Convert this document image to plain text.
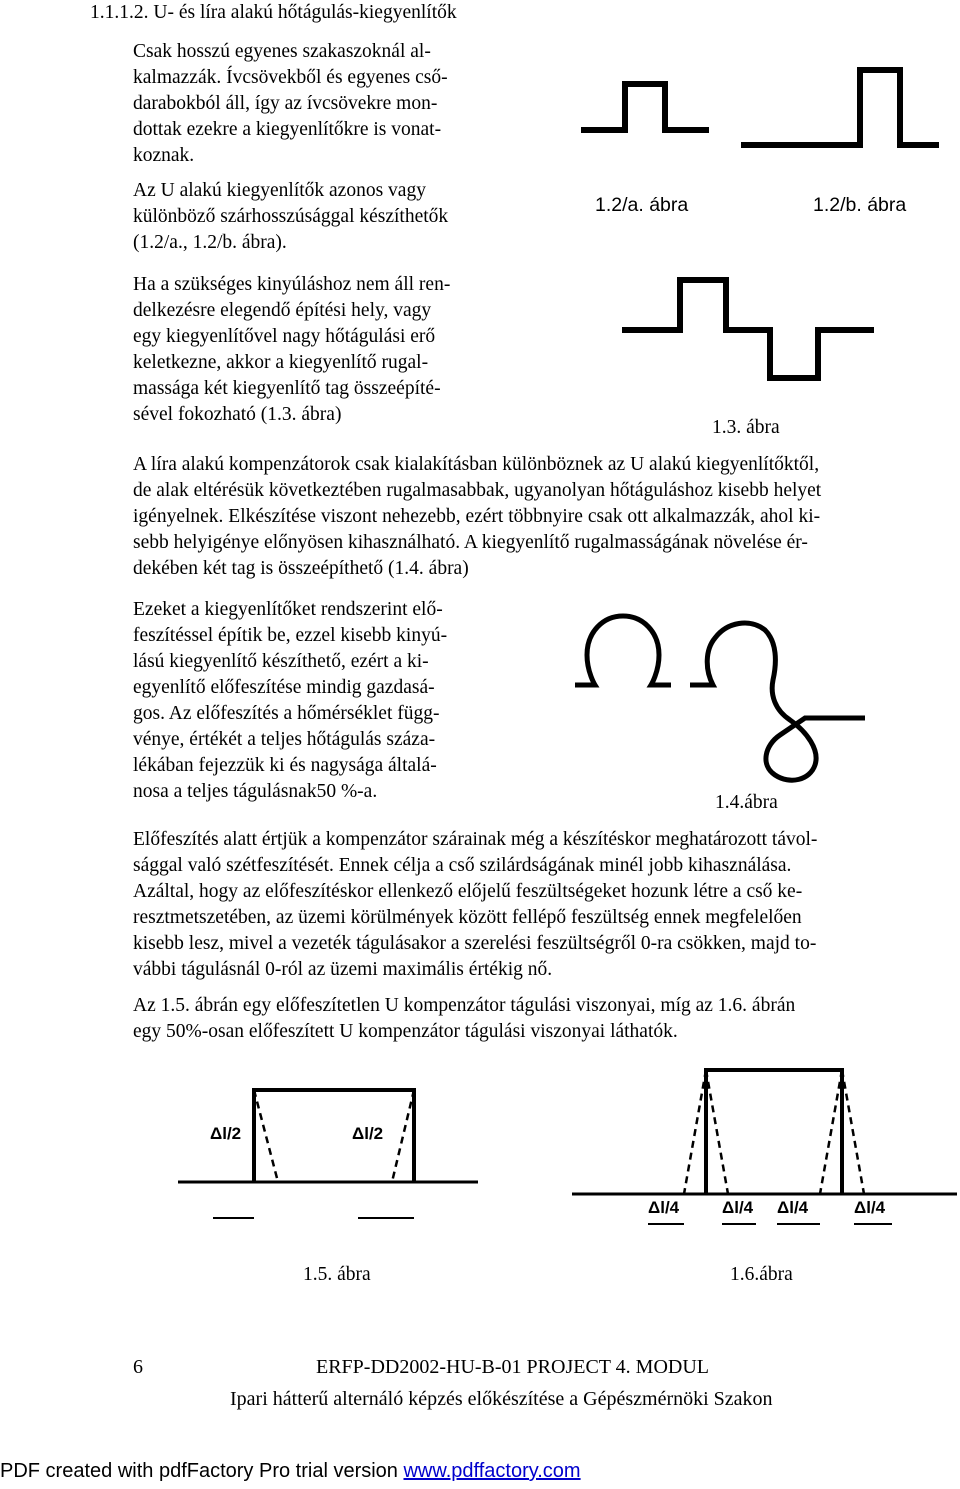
1.1.1.2. U- és líra alakú hőtágulás-kiegyenlítők

Csak hosszú egyenes szakaszoknál al-

kalmazzák. Ívcsövekből és egyenes cső-

darabokból áll, így az ívcsövekre mon-

dottak ezekre a kiegyenlítőkre is vonat-

koznak.

Az U alakú kiegyenlítők azonos vagy

különböző szárhosszúsággal készíthetők

(1.2/a., 1.2/b. ábra).

Ha a szükséges kinyúláshoz nem áll ren-

delkezésre elegendő építési hely, vagy

egy kiegyenlítővel nagy hőtágulási erő

keletkezne, akkor a kiegyenlítő rugal-

massága két kiegyenlítő tag összeépíté-

sével fokozható (1.3. ábra)

1.2/a. ábra	1.2/b. ábra
1.3. ábra

A líra alakú kompenzátorok csak kialakításban különböznek az U alakú kiegyenlítőktől,

de alak eltérésük következtében rugalmasabbak, ugyanolyan hőtáguláshoz kisebb helyet

igényelnek. Elkészítése viszont nehezebb, ezért többnyire csak ott alkalmazzák, ahol ki-

sebb helyigénye előnyösen kihasználható. A kiegyenlítő rugalmasságának növelése ér-

dekében két tag is összeépíthető (1.4. ábra)

Ezeket a kiegyenlítőket rendszerint elő-

feszítéssel építik be, ezzel kisebb kinyú-

lású kiegyenlítő készíthető, ezért a ki-

egyenlítő előfeszítése mindig gazdasá-

gos. Az előfeszítés a hőmérséklet függ-

vénye, értékét a teljes hőtágulás száza-

lékában fejezzük ki és nagysága általá-

nosa a teljes tágulásnak50 %-a.

1.4.ábra

Előfeszítés alatt értjük a kompenzátor szárainak még a készítéskor meghatározott távol-

sággal való szétfeszítését. Ennek célja a cső szilárdságának minél jobb kihasználása.

Azáltal, hogy az előfeszítéskor ellenkező előjelű feszültségeket hozunk létre a cső ke-

resztmetszetében, az üzemi körülmények között fellépő feszültség ennek megfelelően

kisebb lesz, mivel a vezeték tágulásakor a szerelési feszültségről 0-ra csökken, majd to-

vábbi tágulásnál 0-ról az üzemi maximális értékig nő.

Az 1.5. ábrán egy előfeszítetlen U kompenzátor tágulási viszonyai, míg az 1.6. ábrán

egy 50%-osan előfeszített U kompenzátor tágulási viszonyai láthatók.

Δl/2	Δl/2
Δl/4	Δl/4 Δl/4	Δl/4
1.5. ábra	1.6.ábra
6	ERFP-DD2002-HU-B-01 PROJECT 4. MODUL
Ipari hátterű alternáló képzés előkészítése a Gépészmérnöki Szakon
PDF created with pdfFactory Pro trial version www.pdffactory.com
